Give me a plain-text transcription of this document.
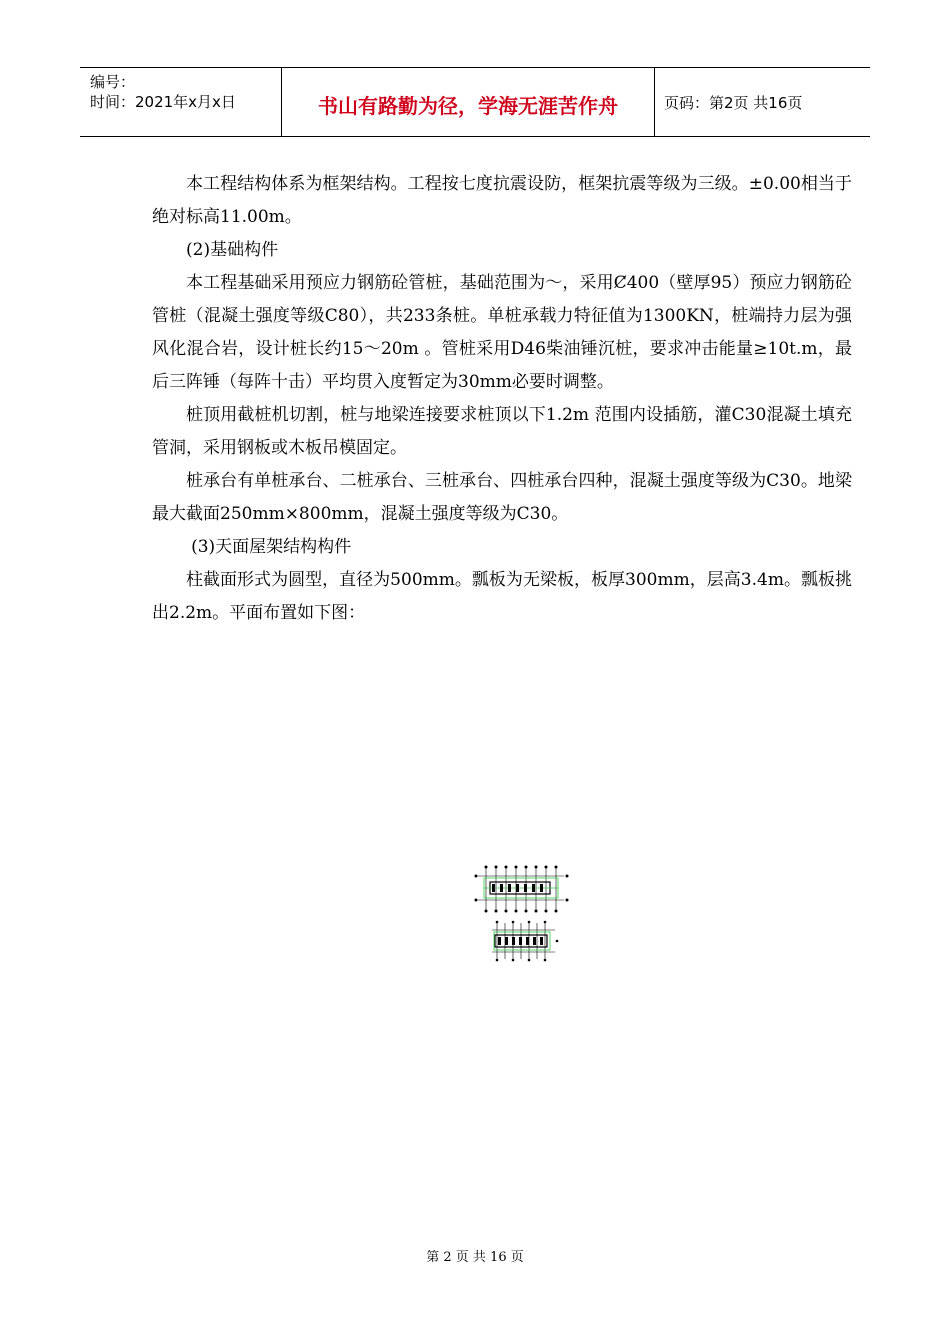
编号：
时间：2021年x月x日	书山有路勤为径，学海无涯苦作舟	页码：第2页 共16页

本工程结构体系为框架结构。工程按七度抗震设防，框架抗震等级为三级。±0.00相当于绝对标高11.00m。

(2)基础构件

本工程基础采用预应力钢筋砼管桩，基础范围为～，采用Ȼ400（壁厚95）预应力钢筋砼管桩（混凝土强度等级C80），共233条桩。单桩承载力特征值为1300KN，桩端持力层为强风化混合岩，设计桩长约15～20m 。管桩采用D46柴油锤沉桩，要求冲击能量≥10t.m，最后三阵锤（每阵十击）平均贯入度暂定为30mm必要时调整。

桩顶用截桩机切割，桩与地梁连接要求桩顶以下1.2m 范围内设插筋，灌C30混凝土填充管洞，采用钢板或木板吊模固定。

桩承台有单桩承台、二桩承台、三桩承台、四桩承台四种，混凝土强度等级为C30。地梁最大截面250mm×800mm，混凝土强度等级为C30。

(3)天面屋架结构构件

柱截面形式为圆型，直径为500mm。瓢板为无梁板，板厚300mm，层高3.4m。瓢板挑出2.2m。平面布置如下图：

第 2 页 共 16 页
